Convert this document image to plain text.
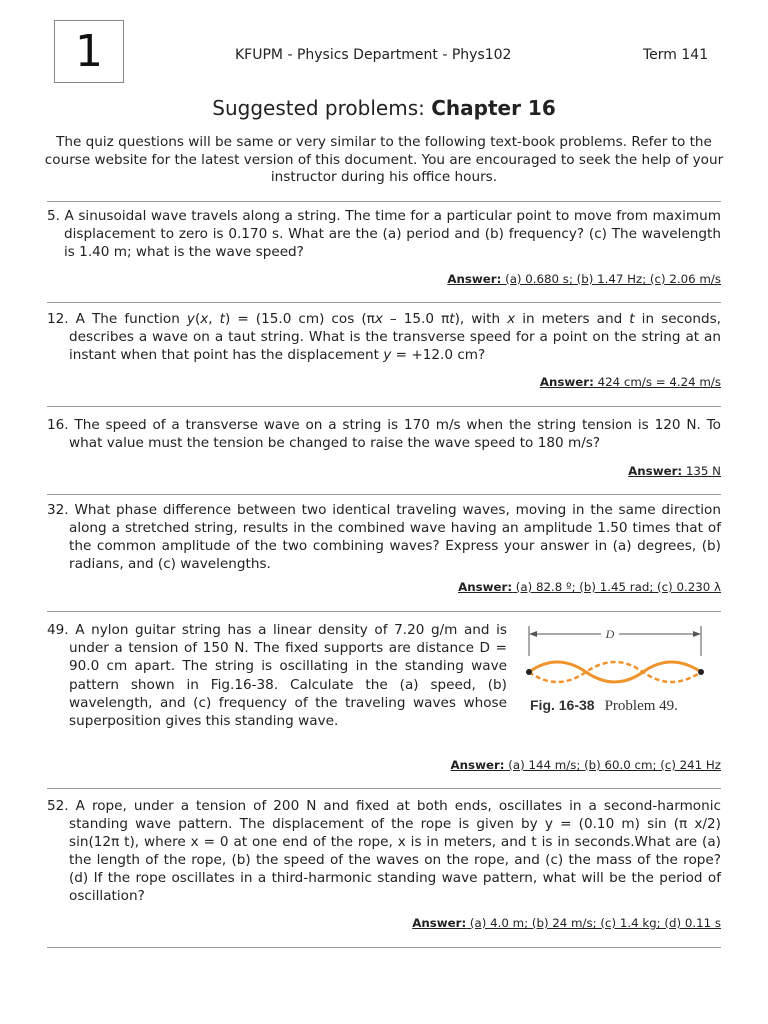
1	KFUPM - Physics Department - Phys102	Term 141
Suggested problems: Chapter 16
The quiz questions will be same or very similar to the following text-book problems. Refer to the course website for the latest version of this document. You are encouraged to seek the help of your instructor during his office hours.
5. A sinusoidal wave travels along a string. The time for a particular point to move from maximum displacement to zero is 0.170 s. What are the (a) period and (b) frequency? (c) The wavelength is 1.40 m; what is the wave speed?
Answer: (a) 0.680 s; (b) 1.47 Hz; (c) 2.06 m/s
12. A The function y(x, t) = (15.0 cm) cos (πx – 15.0 πt), with x in meters and t in seconds, describes a wave on a taut string. What is the transverse speed for a point on the string at an instant when that point has the displacement y = +12.0 cm?
Answer: 424 cm/s = 4.24 m/s
16. The speed of a transverse wave on a string is 170 m/s when the string tension is 120 N. To what value must the tension be changed to raise the wave speed to 180 m/s?
Answer: 135 N
32. What phase difference between two identical traveling waves, moving in the same direction along a stretched string, results in the combined wave having an amplitude 1.50 times that of the common amplitude of the two combining waves? Express your answer in (a) degrees, (b) radians, and (c) wavelengths.
Answer: (a) 82.8 º; (b) 1.45 rad; (c) 0.230 λ
49. A nylon guitar string has a linear density of 7.20 g/m and is under a tension of 150 N. The fixed supports are distance D = 90.0 cm apart. The string is oscillating in the standing wave pattern shown in Fig.16-38. Calculate the (a) speed, (b) wavelength, and (c) frequency of the traveling waves whose superposition gives this standing wave.
D
Fig. 16-38 Problem 49.
Answer: (a) 144 m/s; (b) 60.0 cm; (c) 241 Hz
52. A rope, under a tension of 200 N and fixed at both ends, oscillates in a second-harmonic standing wave pattern. The displacement of the rope is given by y = (0.10 m) sin (π x/2) sin(12π t), where x = 0 at one end of the rope, x is in meters, and t is in seconds.What are (a) the length of the rope, (b) the speed of the waves on the rope, and (c) the mass of the rope? (d) If the rope oscillates in a third-harmonic standing wave pattern, what will be the period of oscillation?
Answer: (a) 4.0 m; (b) 24 m/s; (c) 1.4 kg; (d) 0.11 s
